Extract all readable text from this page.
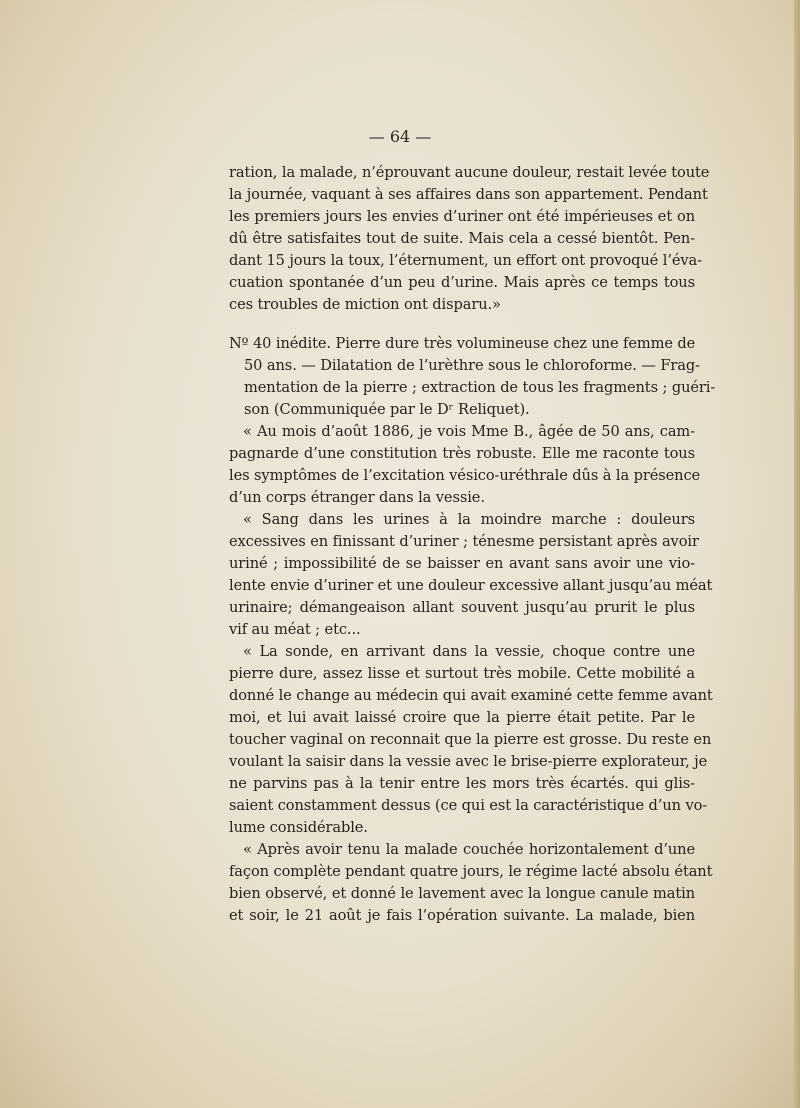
— 64 —
ration, la malade, n’éprouvant aucune douleur, restait levée toute
la journée, vaquant à ses affaires dans son appartement. Pendant
les premiers jours les envies d’uriner ont été impérieuses et on
dû être satisfaites tout de suite. Mais cela a cessé bientôt. Pen-
dant 15 jours la toux, l’éternument, un effort ont provoqué l’éva-
cuation spontanée d’un peu d’urine. Mais après ce temps tous
ces troubles de miction ont disparu.»
Nº 40 inédite. Pierre dure très volumineuse chez une femme de
50 ans. — Dilatation de l’urèthre sous le chloroforme. — Frag-
mentation de la pierre ; extraction de tous les fragments ; guéri-
son (Communiquée par le Dʳ Reliquet).
« Au mois d’août 1886, je vois Mme B., âgée de 50 ans, cam-
pagnarde d’une constitution très robuste. Elle me raconte tous
les symptômes de l’excitation vésico-uréthrale dûs à la présence
d’un corps étranger dans la vessie.
« Sang dans les urines à la moindre marche : douleurs
excessives en finissant d’uriner ; ténesme persistant après avoir
uriné ; impossibilité de se baisser en avant sans avoir une vio-
lente envie d’uriner et une douleur excessive allant jusqu’au méat
urinaire; démangeaison allant souvent jusqu’au prurit le plus
vif au méat ; etc...
« La sonde, en arrivant dans la vessie, choque contre une
pierre dure, assez lisse et surtout très mobile. Cette mobilité a
donné le change au médecin qui avait examiné cette femme avant
moi, et lui avait laissé croire que la pierre était petite. Par le
toucher vaginal on reconnait que la pierre est grosse. Du reste en
voulant la saisir dans la vessie avec le brise-pierre explorateur, je
ne parvins pas à la tenir entre les mors très écartés. qui glis-
saient constamment dessus (ce qui est la caractéristique d’un vo-
lume considérable.
« Après avoir tenu la malade couchée horizontalement d’une
façon complète pendant quatre jours, le régime lacté absolu étant
bien observé, et donné le lavement avec la longue canule matin
et soir, le 21 août je fais l’opération suivante. La malade, bien
